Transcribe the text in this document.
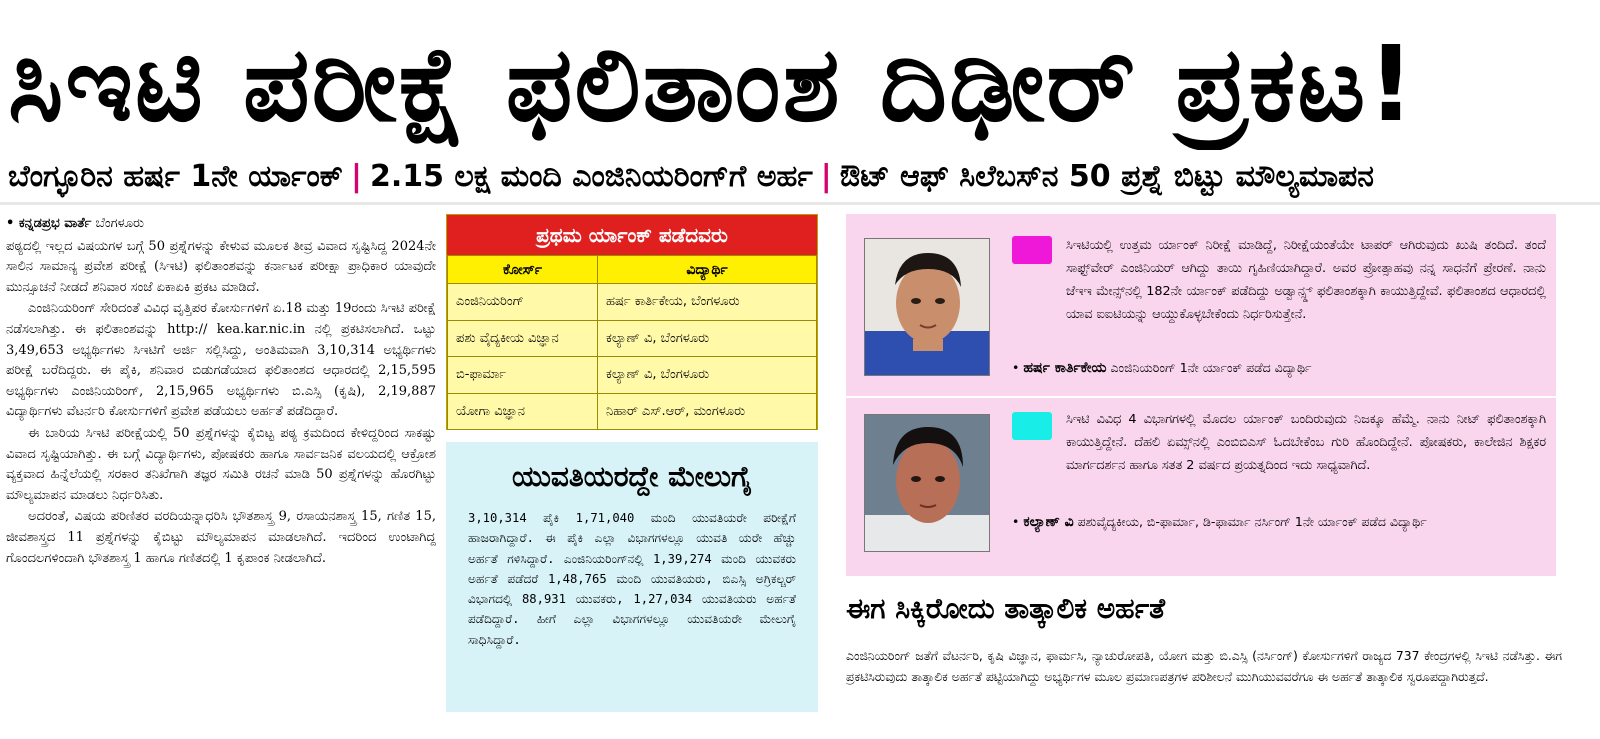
ಸಿಇಟಿ ಪರೀಕ್ಷೆ ಫಲಿತಾಂಶ ದಿಢೀರ್ ಪ್ರಕಟ!
ಬೆಂಗ್ಳೂರಿನ ಹರ್ಷ 1ನೇ ರ್ಯಾಂಕ್ | 2.15 ಲಕ್ಷ ಮಂದಿ ಎಂಜಿನಿಯರಿಂಗ್‌ಗೆ ಅರ್ಹ | ಔಟ್ ಆಫ್ ಸಿಲೆಬಸ್‌ನ 50 ಪ್ರಶ್ನೆ ಬಿಟ್ಟು ಮೌಲ್ಯಮಾಪನ
• ಕನ್ನಡಪ್ರಭ ವಾರ್ತೆ ಬೆಂಗಳೂರು

ಪಠ್ಯದಲ್ಲಿ ಇಲ್ಲದ ವಿಷಯಗಳ ಬಗ್ಗೆ 50 ಪ್ರಶ್ನೆಗಳನ್ನು ಕೇಳುವ ಮೂಲಕ ತೀವ್ರ ವಿವಾದ ಸೃಷ್ಟಿಸಿದ್ದ 2024ನೇ ಸಾಲಿನ ಸಾಮಾನ್ಯ ಪ್ರವೇಶ ಪರೀಕ್ಷೆ (ಸಿಇಟಿ) ಫಲಿತಾಂಶವನ್ನು ಕರ್ನಾಟಕ ಪರೀಕ್ಷಾ ಪ್ರಾಧಿಕಾರ ಯಾವುದೇ ಮುನ್ಸೂಚನೆ ನೀಡದೆ ಶನಿವಾರ ಸಂಜೆ ಏಕಾಏಕಿ ಪ್ರಕಟ ಮಾಡಿದೆ.

ಎಂಜಿನಿಯರಿಂಗ್ ಸೇರಿದಂತೆ ವಿವಿಧ ವೃತ್ತಿಪರ ಕೋರ್ಸುಗಳಿಗೆ ಏ.18 ಮತ್ತು 19ರಂದು ಸಿಇಟಿ ಪರೀಕ್ಷೆ ನಡೆಸಲಾಗಿತ್ತು. ಈ ಫಲಿತಾಂಶವನ್ನು http:// kea.kar.nic.in ನಲ್ಲಿ ಪ್ರಕಟಿಸಲಾಗಿದೆ. ಒಟ್ಟು 3,49,653 ಅಭ್ಯರ್ಥಿಗಳು ಸಿಇಟಿಗೆ ಅರ್ಜಿ ಸಲ್ಲಿಸಿದ್ದು, ಅಂತಿಮವಾಗಿ 3,10,314 ಅಭ್ಯರ್ಥಿಗಳು ಪರೀಕ್ಷೆ ಬರೆದಿದ್ದರು. ಈ ಪೈಕಿ, ಶನಿವಾರ ಬಿಡುಗಡೆಯಾದ ಫಲಿತಾಂಶದ ಆಧಾರದಲ್ಲಿ 2,15,595 ಅಭ್ಯರ್ಥಿಗಳು ಎಂಜಿನಿಯರಿಂಗ್, 2,15,965 ಅಭ್ಯರ್ಥಿಗಳು ಬಿ.ಎಸ್ಸಿ (ಕೃಷಿ), 2,19,887 ವಿದ್ಯಾರ್ಥಿಗಳು ವೆಟರ್ನರಿ ಕೋರ್ಸುಗಳಿಗೆ ಪ್ರವೇಶ ಪಡೆಯಲು ಅರ್ಹತೆ ಪಡೆದಿದ್ದಾರೆ.

ಈ ಬಾರಿಯ ಸಿಇಟಿ ಪರೀಕ್ಷೆಯಲ್ಲಿ 50 ಪ್ರಶ್ನೆಗಳನ್ನು ಕೈಬಿಟ್ಟ ಪಠ್ಯ ಕ್ರಮದಿಂದ ಕೇಳಿದ್ದರಿಂದ ಸಾಕಷ್ಟು ವಿವಾದ ಸೃಷ್ಟಿಯಾಗಿತ್ತು. ಈ ಬಗ್ಗೆ ವಿದ್ಯಾರ್ಥಿಗಳು, ಪೋಷಕರು ಹಾಗೂ ಸಾರ್ವಜನಿಕ ವಲಯದಲ್ಲಿ ಆಕ್ರೋಶ ವ್ಯಕ್ತವಾದ ಹಿನ್ನೆಲೆಯಲ್ಲಿ ಸರಕಾರ ತನಿಖೆಗಾಗಿ ತಜ್ಞರ ಸಮಿತಿ ರಚನೆ ಮಾಡಿ 50 ಪ್ರಶ್ನೆಗಳನ್ನು ಹೊರಗಿಟ್ಟು ಮೌಲ್ಯಮಾಪನ ಮಾಡಲು ನಿರ್ಧರಿಸಿತು.

ಅದರಂತೆ, ವಿಷಯ ಪರಿಣಿತರ ವರದಿಯನ್ನಾಧರಿಸಿ ಭೌತಶಾಸ್ತ್ರ 9, ರಸಾಯನಶಾಸ್ತ್ರ 15, ಗಣಿತ 15, ಜೀವಶಾಸ್ತ್ರದ 11 ಪ್ರಶ್ನೆಗಳನ್ನು ಕೈಬಿಟ್ಟು ಮೌಲ್ಯಮಾಪನ ಮಾಡಲಾಗಿದೆ. ಇದರಿಂದ ಉಂಟಾಗಿದ್ದ ಗೊಂದಲಗಳಿಂದಾಗಿ ಭೌತಶಾಸ್ತ್ರ 1 ಹಾಗೂ ಗಣಿತದಲ್ಲಿ 1 ಕೃಪಾಂಕ ನೀಡಲಾಗಿದೆ.

ಪ್ರಥಮ ರ್ಯಾಂಕ್ ಪಡೆದವರು
ಕೋರ್ಸ್	ವಿದ್ಯಾರ್ಥಿ
ಎಂಜಿನಿಯರಿಂಗ್	ಹರ್ಷ ಕಾರ್ತಿಕೇಯ, ಬೆಂಗಳೂರು
ಪಶು ವೈದ್ಯಕೀಯ ವಿಜ್ಞಾನ	ಕಲ್ಯಾಣ್ ವಿ, ಬೆಂಗಳೂರು
ಬಿ-ಫಾರ್ಮಾ	ಕಲ್ಯಾಣ್ ವಿ, ಬೆಂಗಳೂರು
ಯೋಗಾ ವಿಜ್ಞಾನ	ನಿಹಾರ್ ಎಸ್.ಆರ್, ಮಂಗಳೂರು
ಯುವತಿಯರದ್ದೇ ಮೇಲುಗೈ
3,10,314 ಪೈಕಿ 1,71,040 ಮಂದಿ ಯುವತಿಯರೇ ಪರೀಕ್ಷೆಗೆ ಹಾಜರಾಗಿದ್ದಾರೆ. ಈ ಪೈಕಿ ಎಲ್ಲಾ ವಿಭಾಗಗಳಲ್ಲೂ ಯುವತಿ ಯರೇ ಹೆಚ್ಚು ಅರ್ಹತೆ ಗಳಿಸಿದ್ದಾರೆ. ಎಂಜಿನಿಯರಿಂಗ್‌ನಲ್ಲಿ 1,39,274 ಮಂದಿ ಯುವಕರು ಅರ್ಹತೆ ಪಡೆದರೆ 1,48,765 ಮಂದಿ ಯುವತಿಯರು, ಬಿಎಸ್ಸಿ ಅಗ್ರಿಕಲ್ಚರ್ ವಿಭಾಗದಲ್ಲಿ 88,931 ಯುವಕರು, 1,27,034 ಯುವತಿಯರು ಅರ್ಹತೆ ಪಡೆದಿದ್ದಾರೆ. ಹೀಗೆ ಎಲ್ಲಾ ವಿಭಾಗಗಳಲ್ಲೂ ಯುವತಿಯರೇ ಮೇಲುಗೈ ಸಾಧಿಸಿದ್ದಾರೆ.
ಸಿಇಟಿಯಲ್ಲಿ ಉತ್ತಮ ರ್ಯಾಂಕ್ ನಿರೀಕ್ಷೆ ಮಾಡಿದ್ದೆ, ನಿರೀಕ್ಷೆಯಂತೆಯೇ ಟಾಪರ್ ಆಗಿರುವುದು ಖುಷಿ ತಂದಿದೆ. ತಂದೆ ಸಾಫ್ಟ್‌ವೇರ್ ಎಂಜಿನಿಯರ್ ಆಗಿದ್ದು ತಾಯಿ ಗೃಹಿಣಿಯಾಗಿದ್ದಾರೆ. ಅವರ ಪ್ರೋತ್ಸಾಹವು ನನ್ನ ಸಾಧನೆಗೆ ಪ್ರೇರಣೆ. ನಾನು ಜೆಇಇ ಮೇನ್ಸ್‌ನಲ್ಲಿ 182ನೇ ರ್ಯಾಂಕ್ ಪಡೆದಿದ್ದು ಅಡ್ವಾನ್ಸ್ಡ್ ಫಲಿತಾಂಶಕ್ಕಾಗಿ ಕಾಯುತ್ತಿದ್ದೇವೆ. ಫಲಿತಾಂಶದ ಆಧಾರದಲ್ಲಿ ಯಾವ ಐಐಟಿಯನ್ನು ಆಯ್ದುಕೊಳ್ಳಬೇಕೆಂದು ನಿರ್ಧರಿಸುತ್ತೇನೆ.
• ಹರ್ಷ ಕಾರ್ತಿಕೇಯ ಎಂಜಿನಿಯರಿಂಗ್ 1ನೇ ರ್ಯಾಂಕ್ ಪಡೆದ ವಿದ್ಯಾರ್ಥಿ
ಸಿಇಟಿ ವಿವಿಧ 4 ವಿಭಾಗಗಳಲ್ಲಿ ಮೊದಲ ರ್ಯಾಂಕ್ ಬಂದಿರುವುದು ನಿಜಕ್ಕೂ ಹೆಮ್ಮೆ. ನಾನು ನೀಟ್ ಫಲಿತಾಂಶಕ್ಕಾಗಿ ಕಾಯುತ್ತಿದ್ದೇನೆ. ದೆಹಲಿ ಏಮ್ಸ್‌ನಲ್ಲಿ ಎಂಬಿಬಿಎಸ್ ಓದಬೇಕೆಂಬ ಗುರಿ ಹೊಂದಿದ್ದೇನೆ. ಪೋಷಕರು, ಕಾಲೇಜಿನ ಶಿಕ್ಷಕರ ಮಾರ್ಗದರ್ಶನ ಹಾಗೂ ಸತತ 2 ವರ್ಷದ ಪ್ರಯತ್ನದಿಂದ ಇದು ಸಾಧ್ಯವಾಗಿದೆ.
• ಕಲ್ಯಾಣ್ ವಿ ಪಶುವೈದ್ಯಕೀಯ, ಬಿ-ಫಾರ್ಮಾ, ಡಿ-ಫಾರ್ಮಾ ನರ್ಸಿಂಗ್ 1ನೇ ರ್ಯಾಂಕ್ ಪಡೆದ ವಿದ್ಯಾರ್ಥಿ
ಈಗ ಸಿಕ್ಕಿರೋದು ತಾತ್ಕಾಲಿಕ ಅರ್ಹತೆ
ಎಂಜಿನಿಯರಿಂಗ್ ಜತೆಗೆ ವೆಟರ್ನರಿ, ಕೃಷಿ ವಿಜ್ಞಾನ, ಫಾರ್ಮಸಿ, ನ್ಯಾಚುರೋಪತಿ, ಯೋಗ ಮತ್ತು ಬಿ.ಎಸ್ಸಿ (ನರ್ಸಿಂಗ್) ಕೋರ್ಸುಗಳಿಗೆ ರಾಜ್ಯದ 737 ಕೇಂದ್ರಗಳಲ್ಲಿ ಸಿಇಟಿ ನಡೆಸಿತ್ತು. ಈಗ ಪ್ರಕಟಿಸಿರುವುದು ತಾತ್ಕಾಲಿಕ ಅರ್ಹತೆ ಪಟ್ಟಿಯಾಗಿದ್ದು ಅಭ್ಯರ್ಥಿಗಳ ಮೂಲ ಪ್ರಮಾಣಪತ್ರಗಳ ಪರಿಶೀಲನೆ ಮುಗಿಯುವವರೆಗೂ ಈ ಅರ್ಹತೆ ತಾತ್ಕಾಲಿಕ ಸ್ವರೂಪದ್ದಾಗಿರುತ್ತದೆ.
